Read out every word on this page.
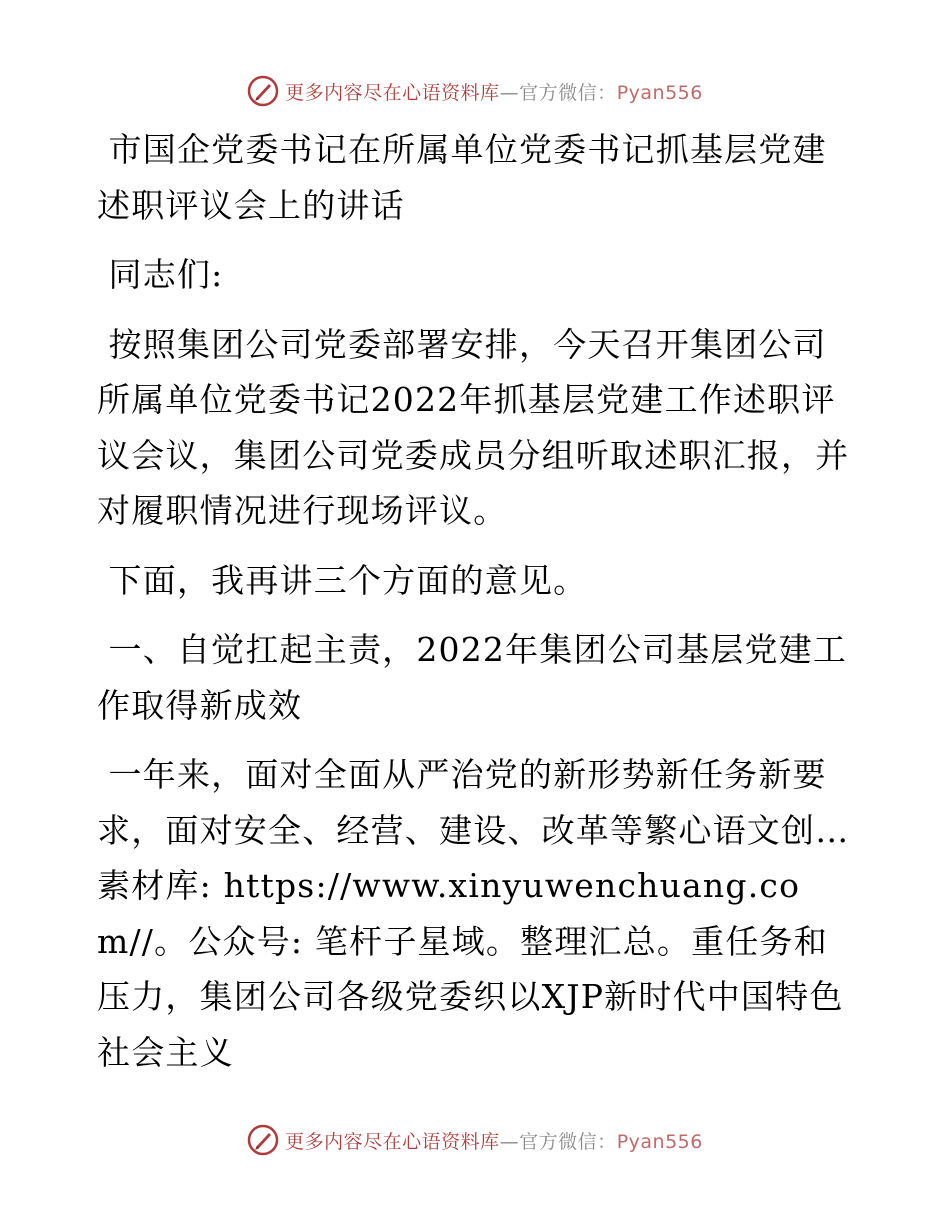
更多内容尽在心语资料库—官方微信：Pyan556

市国企党委书记在所属单位党委书记抓基层党建述职评议会上的讲话

同志们:

按照集团公司党委部署安排，今天召开集团公司所属单位党委书记2022年抓基层党建工作述职评议会议，集团公司党委成员分组听取述职汇报，并对履职情况进行现场评议。

下面，我再讲三个方面的意见。

一、自觉扛起主责，2022年集团公司基层党建工作取得新成效

一年来，面对全面从严治党的新形势新任务新要求，面对安全、经营、建设、改革等繁心语文创…素材库: https://www.xinyuwenchuang.com//。公众号: 笔杆子星域。整理汇总。重任务和压力，集团公司各级党委织以XJP新时代中国特色社会主义

更多内容尽在心语资料库—官方微信：Pyan556
